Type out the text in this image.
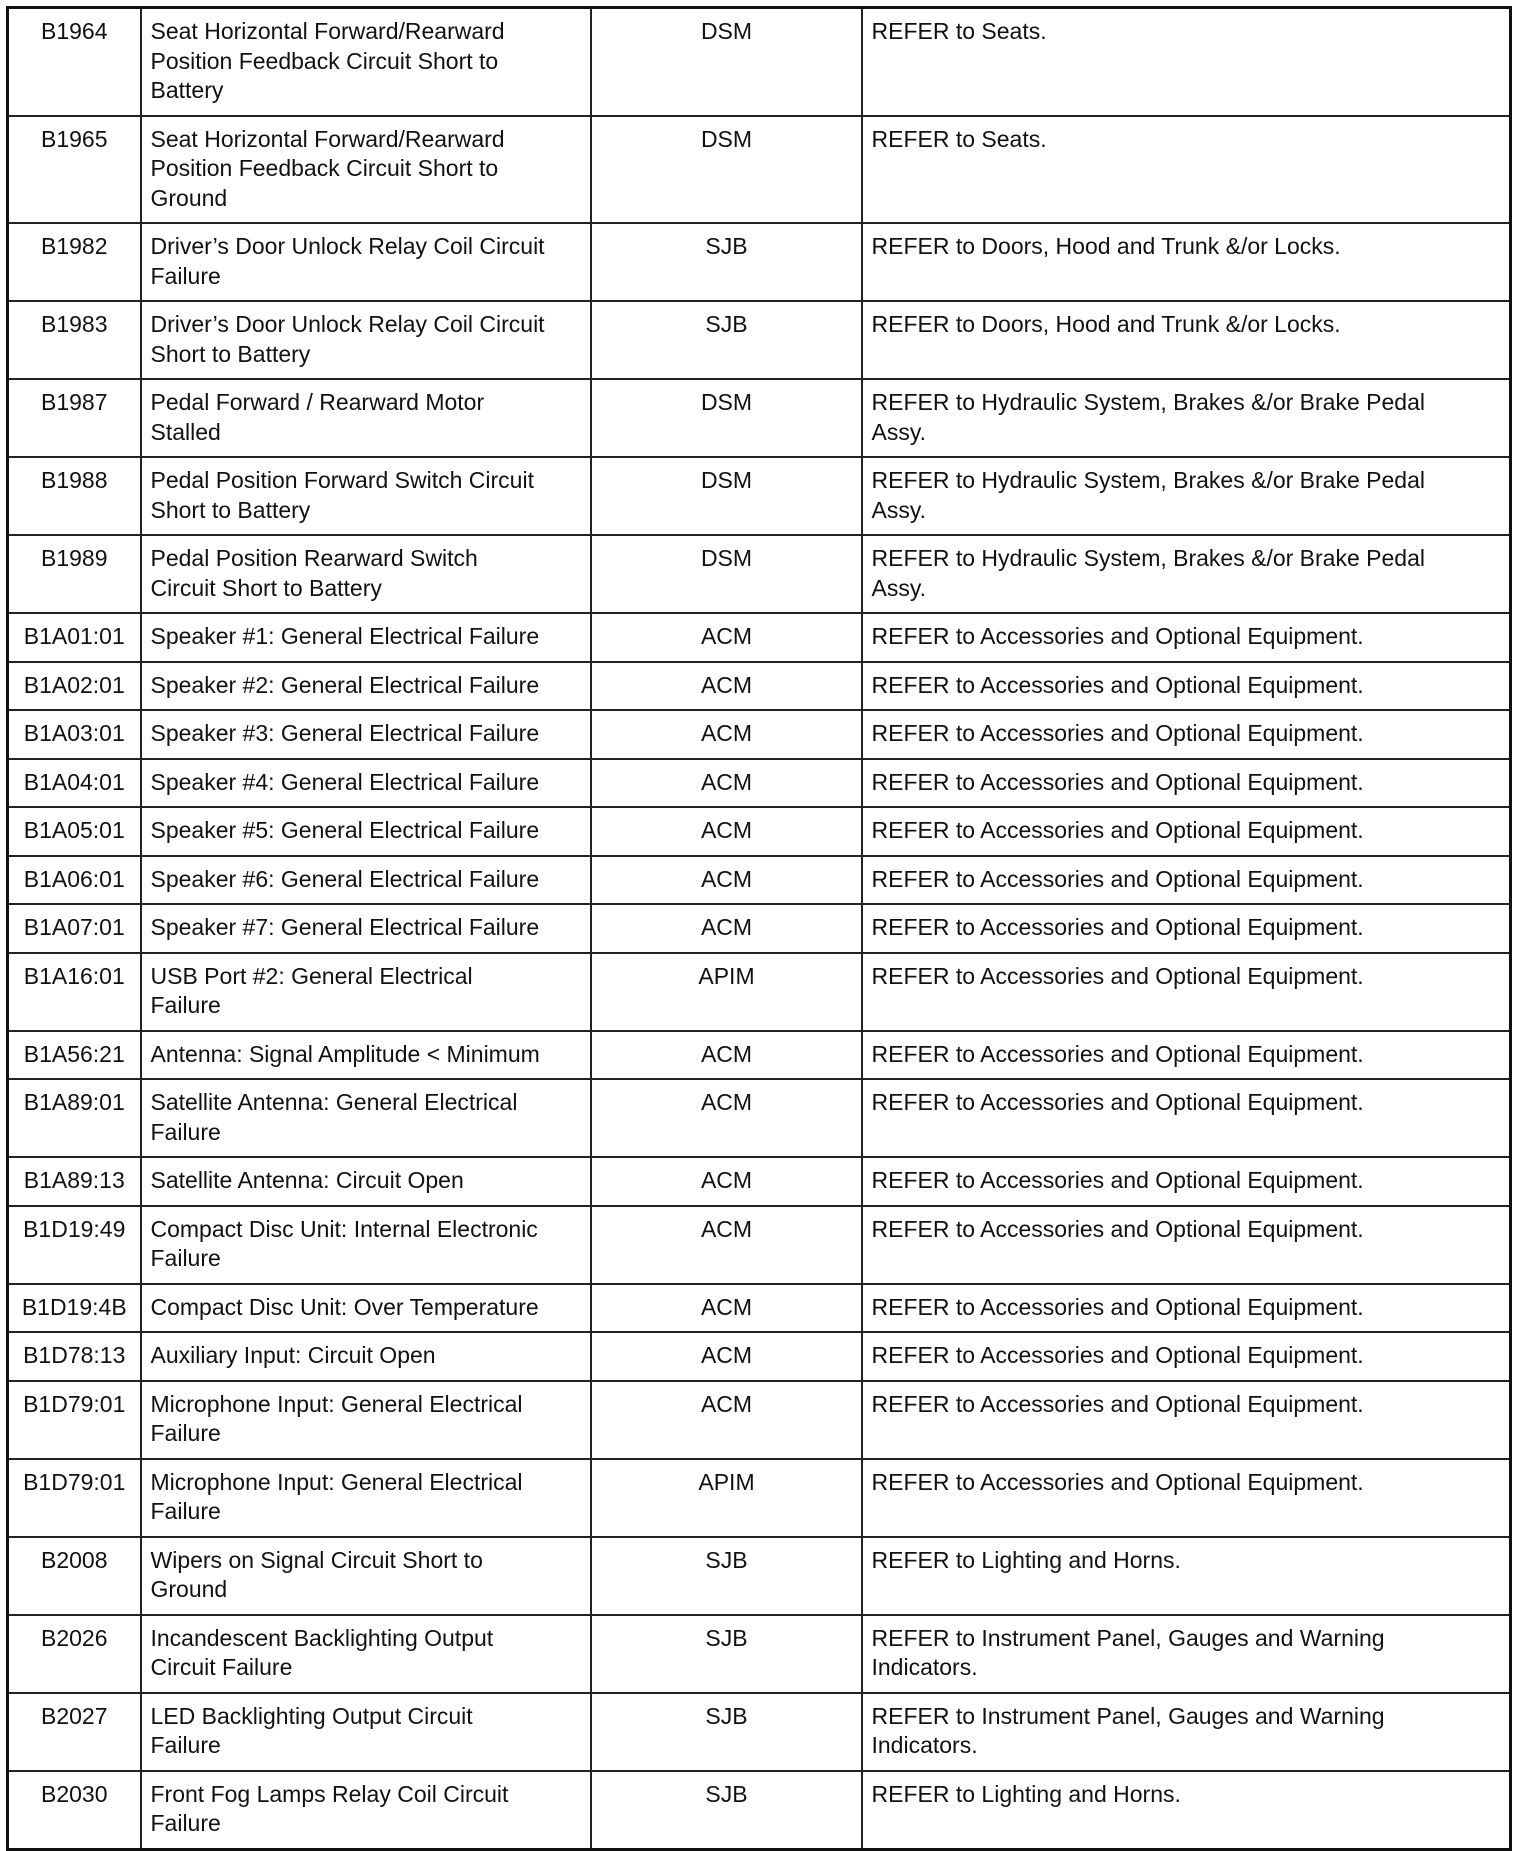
B1964	Seat Horizontal Forward/Rearward
Position Feedback Circuit Short to
Battery	DSM	REFER to Seats.
B1965	Seat Horizontal Forward/Rearward
Position Feedback Circuit Short to
Ground	DSM	REFER to Seats.
B1982	Driver’s Door Unlock Relay Coil Circuit
Failure	SJB	REFER to Doors, Hood and Trunk &/or Locks.
B1983	Driver’s Door Unlock Relay Coil Circuit
Short to Battery	SJB	REFER to Doors, Hood and Trunk &/or Locks.
B1987	Pedal Forward / Rearward Motor
Stalled	DSM	REFER to Hydraulic System, Brakes &/or Brake Pedal
Assy.
B1988	Pedal Position Forward Switch Circuit
Short to Battery	DSM	REFER to Hydraulic System, Brakes &/or Brake Pedal
Assy.
B1989	Pedal Position Rearward Switch
Circuit Short to Battery	DSM	REFER to Hydraulic System, Brakes &/or Brake Pedal
Assy.
B1A01:01	Speaker #1: General Electrical Failure	ACM	REFER to Accessories and Optional Equipment.
B1A02:01	Speaker #2: General Electrical Failure	ACM	REFER to Accessories and Optional Equipment.
B1A03:01	Speaker #3: General Electrical Failure	ACM	REFER to Accessories and Optional Equipment.
B1A04:01	Speaker #4: General Electrical Failure	ACM	REFER to Accessories and Optional Equipment.
B1A05:01	Speaker #5: General Electrical Failure	ACM	REFER to Accessories and Optional Equipment.
B1A06:01	Speaker #6: General Electrical Failure	ACM	REFER to Accessories and Optional Equipment.
B1A07:01	Speaker #7: General Electrical Failure	ACM	REFER to Accessories and Optional Equipment.
B1A16:01	USB Port #2: General Electrical
Failure	APIM	REFER to Accessories and Optional Equipment.
B1A56:21	Antenna: Signal Amplitude < Minimum	ACM	REFER to Accessories and Optional Equipment.
B1A89:01	Satellite Antenna: General Electrical
Failure	ACM	REFER to Accessories and Optional Equipment.
B1A89:13	Satellite Antenna: Circuit Open	ACM	REFER to Accessories and Optional Equipment.
B1D19:49	Compact Disc Unit: Internal Electronic
Failure	ACM	REFER to Accessories and Optional Equipment.
B1D19:4B	Compact Disc Unit: Over Temperature	ACM	REFER to Accessories and Optional Equipment.
B1D78:13	Auxiliary Input: Circuit Open	ACM	REFER to Accessories and Optional Equipment.
B1D79:01	Microphone Input: General Electrical
Failure	ACM	REFER to Accessories and Optional Equipment.
B1D79:01	Microphone Input: General Electrical
Failure	APIM	REFER to Accessories and Optional Equipment.
B2008	Wipers on Signal Circuit Short to
Ground	SJB	REFER to Lighting and Horns.
B2026	Incandescent Backlighting Output
Circuit Failure	SJB	REFER to Instrument Panel, Gauges and Warning
Indicators.
B2027	LED Backlighting Output Circuit
Failure	SJB	REFER to Instrument Panel, Gauges and Warning
Indicators.
B2030	Front Fog Lamps Relay Coil Circuit
Failure	SJB	REFER to Lighting and Horns.
